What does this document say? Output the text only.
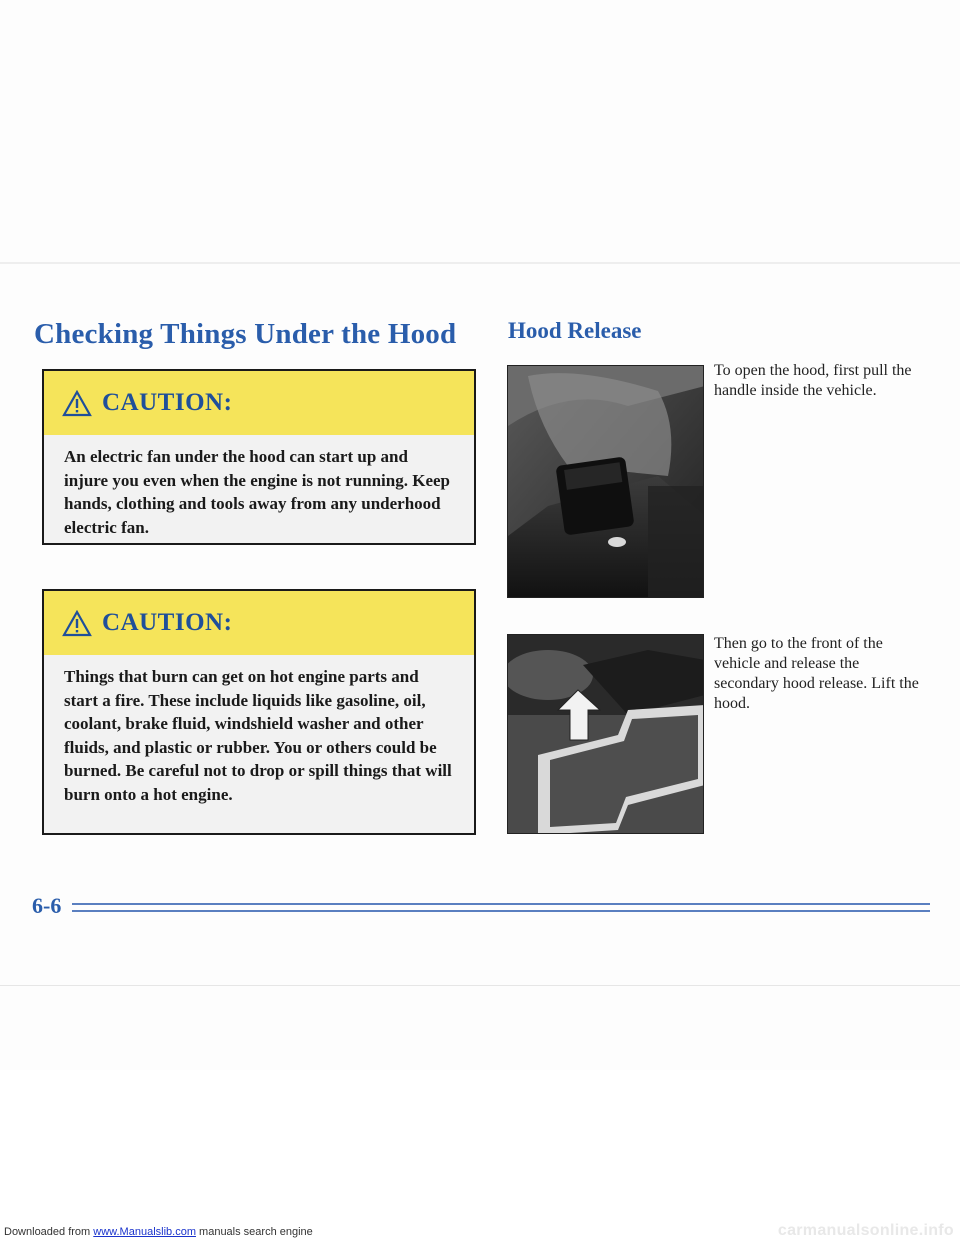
Checking Things Under the Hood Hood Release
CAUTION:
An electric fan under the hood can start up and injure you even when the engine is not running. Keep hands, clothing and tools away from any underhood electric fan.
CAUTION:
Things that burn can get on hot engine parts and start a fire. These include liquids like gasoline, oil, coolant, brake fluid, windshield washer and other fluids, and plastic or rubber. You or others could be burned. Be careful not to drop or spill things that will burn onto a hot engine.

To open the hood, first pull the handle inside the vehicle.

Then go to the front of the vehicle and release the secondary hood release. Lift the hood.

6-6
Downloaded from www.Manualslib.com manuals search engine	carmanualsonline.info
